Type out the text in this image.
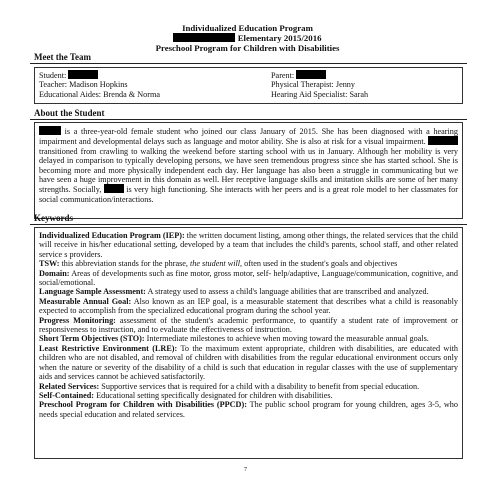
Individualized Education Program
Elementary 2015/2016
Preschool Program for Children with Disabilities
Meet the Team
Student:	Parent:
Teacher: Madison Hopkins	Physical Therapist: Jenny
Educational Aides: Brenda & Norma	Hearing Aid Specialist: Sarah
About the Student
is a three-year-old female student who joined our class January of 2015. She has been diagnosed with a hearing impairment and developmental delays such as language and motor ability. She is also at risk for a visual impairment.  transitioned from crawling to walking the weekend before starting school with us in January. Although her mobility is very delayed in comparison to typically developing persons, we have seen tremendous progress since she has started school. She is becoming more and more physically independent each day. Her language has also been a struggle in communicating but we have seen a huge improvement in this domain as well. Her receptive language skills and imitation skills are some of her many strengths. Socially,	is very high functioning. She interacts with her peers and is a great role model to her classmates for social communication/interactions.
Keywords

Individualized Education Program (IEP): the written document listing, among other things, the related services that the child will receive in his/her educational setting, developed by a team that includes the child's parents, school staff, and other related service s providers.

TSW: this abbreviation stands for the phrase, the student will, often used in the student's goals and objectives

Domain: Areas of developments such as fine motor, gross motor, self- help/adaptive, Language/communication, cognitive, and social/emotional.

Language Sample Assessment: A strategy used to assess a child's language abilities that are transcribed and analyzed.

Measurable Annual Goal: Also known as an IEP goal, is a measurable statement that describes what a child is reasonably expected to accomplish from the specialized educational program during the school year.

Progress Monitoring: assessment of the student's academic performance, to quantify a student rate of improvement or responsiveness to instruction, and to evaluate the effectiveness of instruction.

Short Term Objectives (STO): Intermediate milestones to achieve when moving toward the measurable annual goals.

Least Restrictive Environment (LRE): To the maximum extent appropriate, children with disabilities, are educated with children who are not disabled, and removal of children with disabilities from the regular educational environment occurs only when the nature or severity of the disability of a child is such that education in regular classes with the use of supplementary aids and services cannot be achieved satisfactorily.

Related Services: Supportive services that is required for a child with a disability to benefit from special education.

Self-Contained: Educational setting specifically designated for children with disabilities.

Preschool Program for Children with Disabilities (PPCD): The public school program for young children, ages 3-5, who needs special education and related services.

7
